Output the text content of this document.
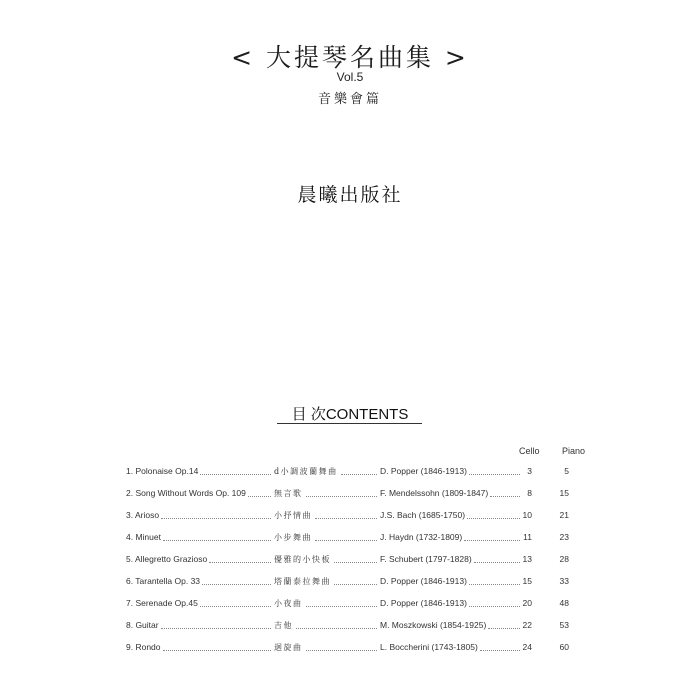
< 大提琴名曲集 >
Vol.5
音樂會篇
晨曦出版社
目 次CONTENTS
Cello Piano
1. Polonaise Op.14	d小調波蘭舞曲	D. Popper (1846-1913)	3	5
2. Song Without Words Op. 109	無言歌	F. Mendelssohn (1809-1847)	8	15
3. Arioso	小抒情曲	J.S. Bach (1685-1750)	10	21
4. Minuet	小步舞曲	J. Haydn (1732-1809)	11	23
5. Allegretto Grazioso	優雅的小快板	F. Schubert (1797-1828)	13	28
6. Tarantella Op. 33	塔蘭泰拉舞曲	D. Popper (1846-1913)	15	33
7. Serenade Op.45	小夜曲	D. Popper (1846-1913)	20	48
8. Guitar	吉他	M. Moszkowski (1854-1925)	22	53
9. Rondo	迴旋曲	L. Boccherini (1743-1805)	24	60
